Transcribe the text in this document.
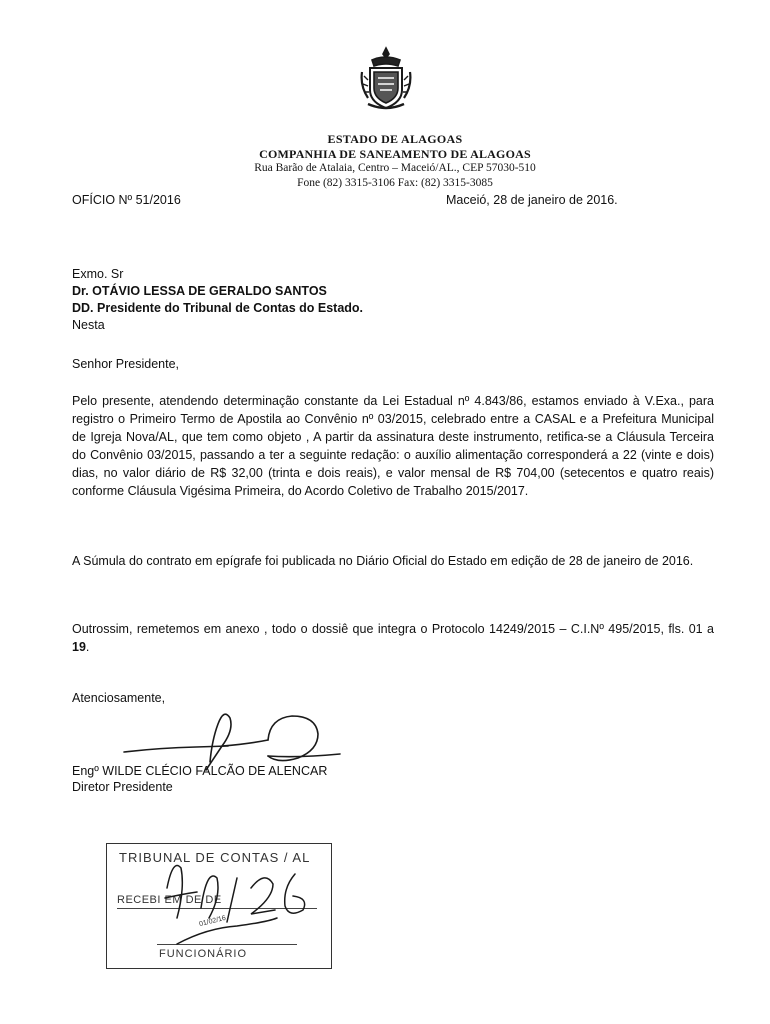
ESTADO DE ALAGOAS
COMPANHIA DE SANEAMENTO DE ALAGOAS
Rua Barão de Atalaia, Centro – Maceió/AL., CEP 57030-510
Fone (82) 3315-3106 Fax: (82) 3315-3085
OFÍCIO Nº 51/2016	Maceió, 28 de janeiro de 2016.
Exmo. Sr
Dr. OTÁVIO LESSA DE GERALDO SANTOS
DD. Presidente do Tribunal de Contas do Estado.
Nesta
Senhor Presidente,
Pelo presente, atendendo determinação constante da Lei Estadual nº 4.843/86, estamos enviado à V.Exa., para registro o Primeiro Termo de Apostila ao Convênio nº 03/2015, celebrado entre a CASAL e a Prefeitura Municipal de Igreja Nova/AL, que tem como objeto , A partir da assinatura deste instrumento, retifica-se a Cláusula Terceira do Convênio 03/2015, passando a ter a seguinte redação: o auxílio alimentação corresponderá a 22 (vinte e dois) dias, no valor diário de R$ 32,00 (trinta e dois reais), e valor mensal de R$ 704,00 (setecentos e quatro reais) conforme Cláusula Vigésima Primeira, do Acordo Coletivo de Trabalho 2015/2017.
A Súmula do contrato em epígrafe foi publicada no Diário Oficial do Estado em edição de 28 de janeiro de 2016.
Outrossim, remetemos em anexo , todo o dossiê que integra o Protocolo 14249/2015 – C.I.Nº 495/2015, fls. 01 a 19.
Atenciosamente,
Engº WILDE CLÉCIO FALCÃO DE ALENCAR
Diretor Presidente
TRIBUNAL DE CONTAS / AL
RECEBI EM DE DE
FUNCIONÁRIO
01/02/16
